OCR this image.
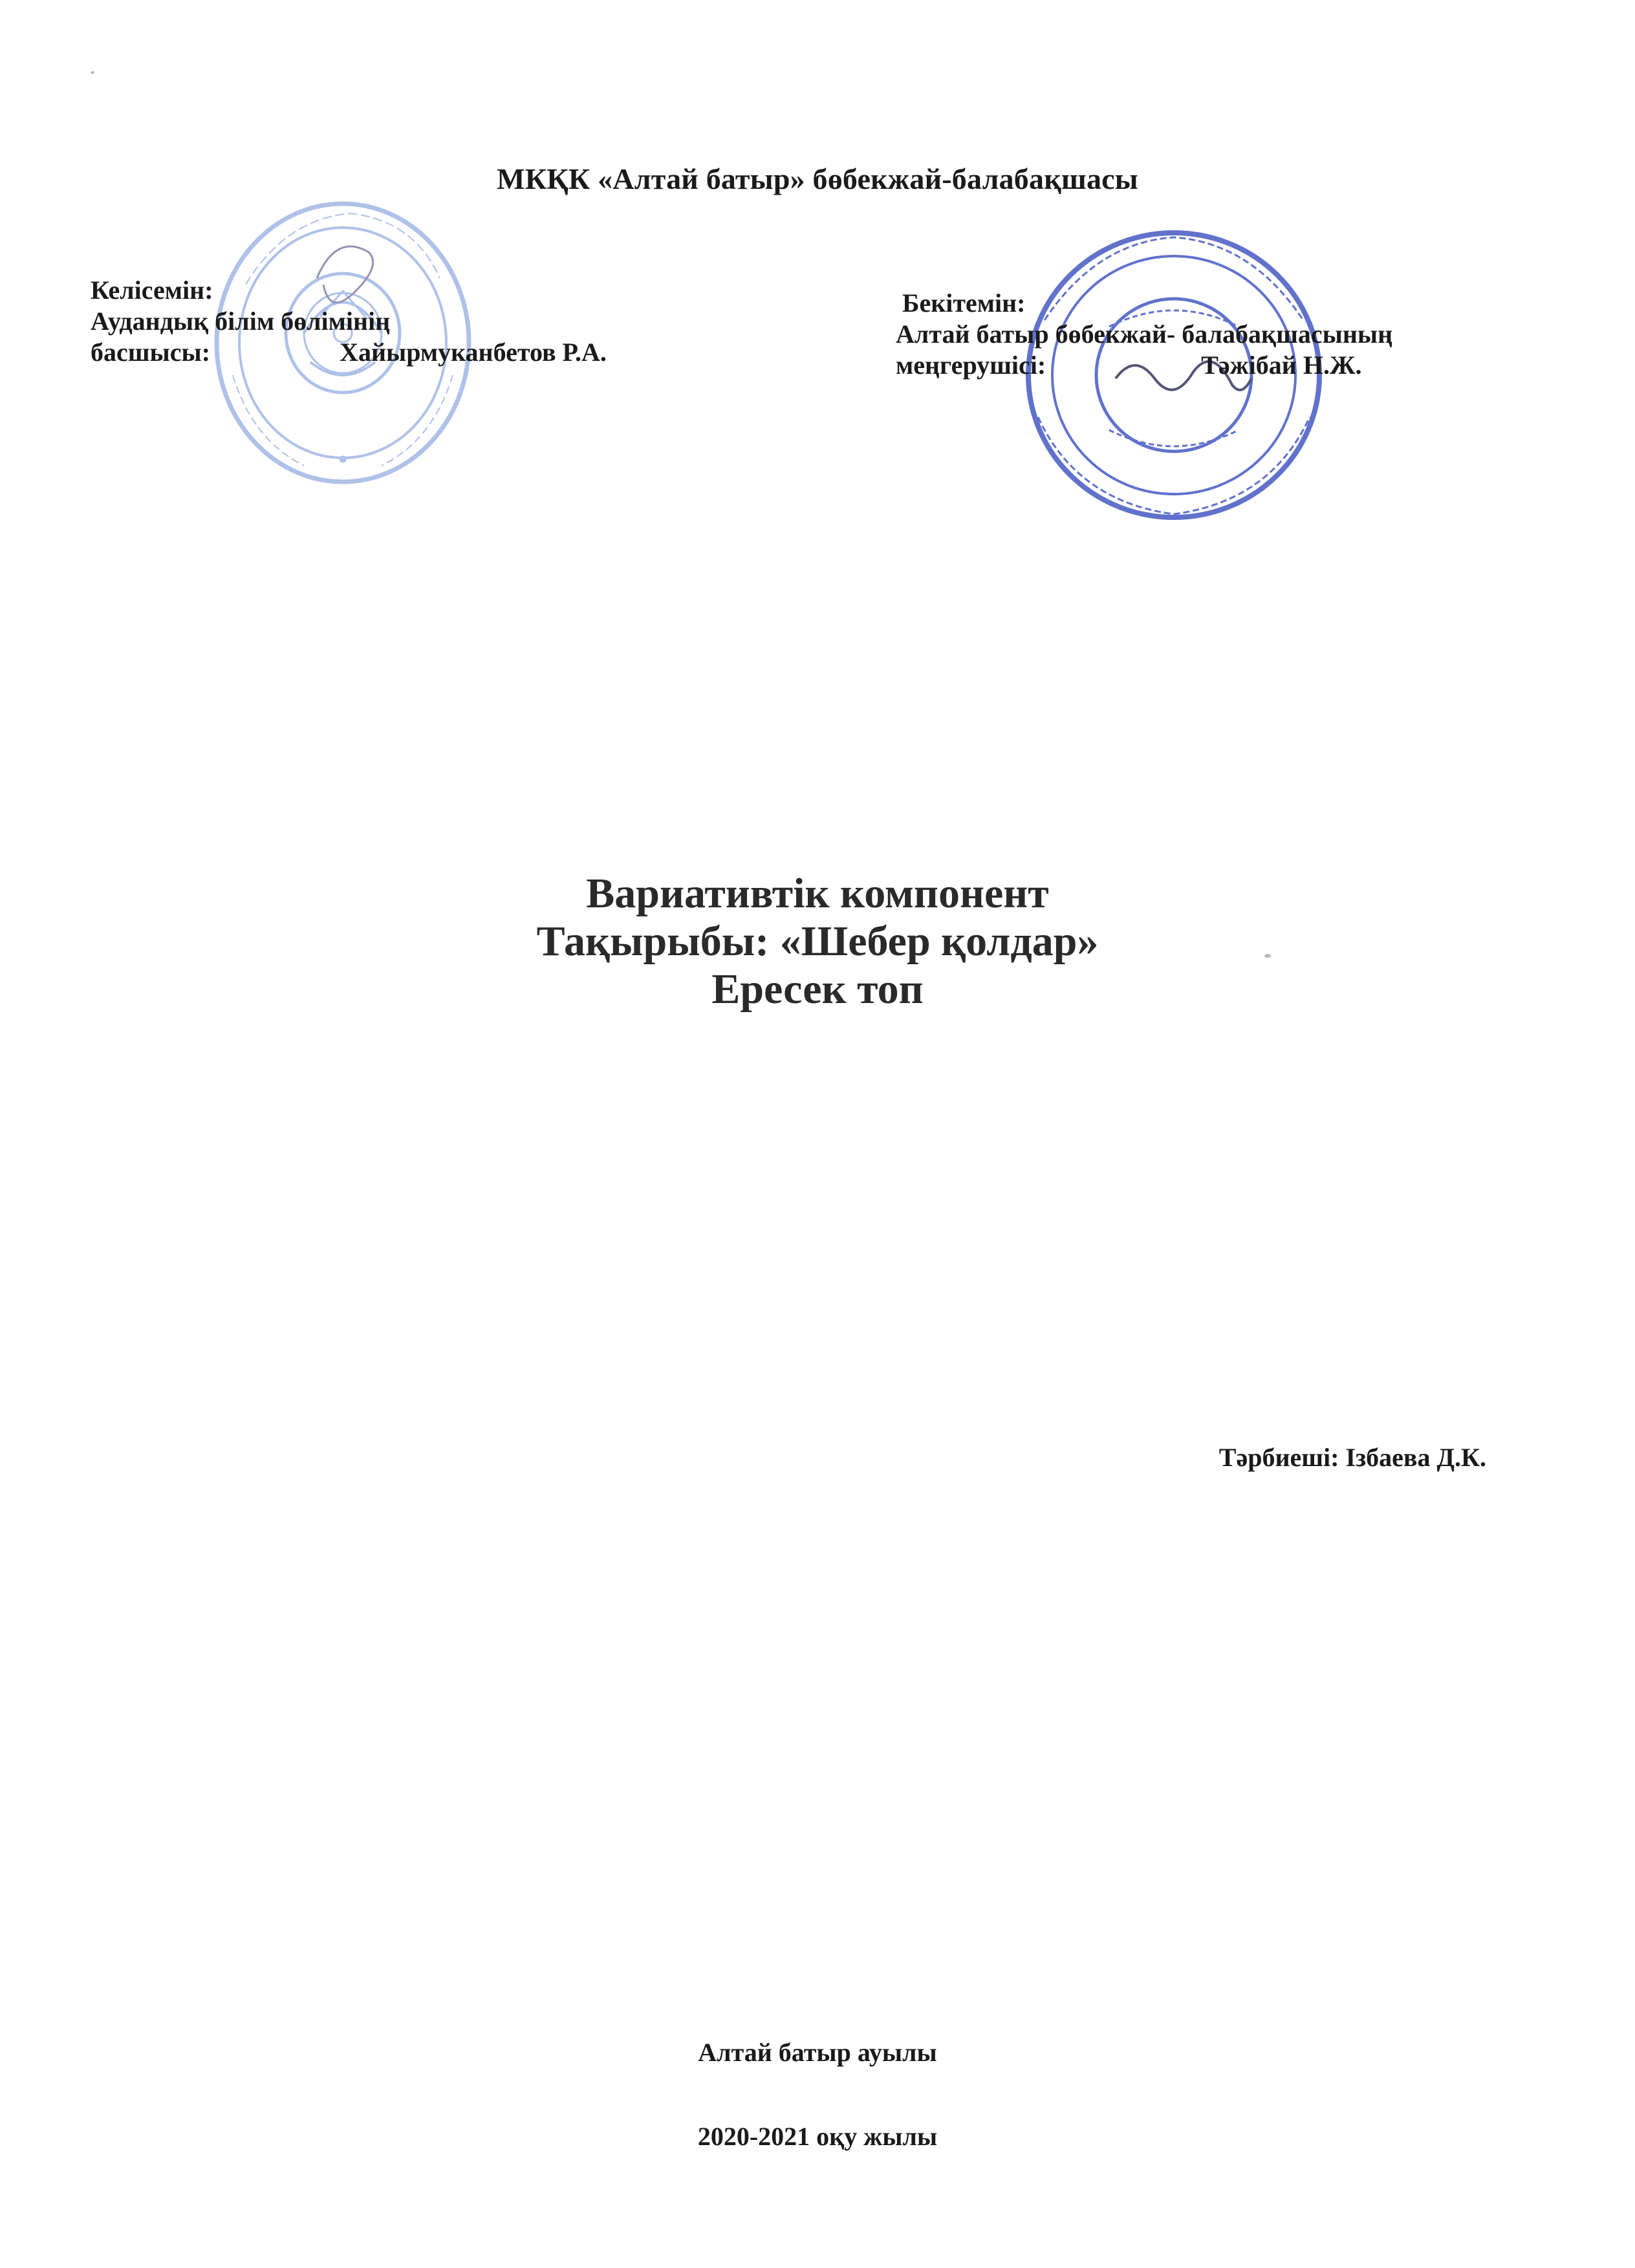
МКҚК «Алтай батыр» бөбекжай-балабақшасы
Келісемін:
Аудандық білім бөлімінің
басшысы:	Хайырмуканбетов Р.А.
Бекітемін:
Алтай батыр бөбекжай- балабақшасының
меңгерушісі:	Тәжібай Н.Ж.
Вариативтік компонент
Тақырыбы: «Шебер қолдар»
Ересек топ
Тәрбиеші: Ізбаева Д.К.
Алтай батыр ауылы
2020-2021 оқу жылы
